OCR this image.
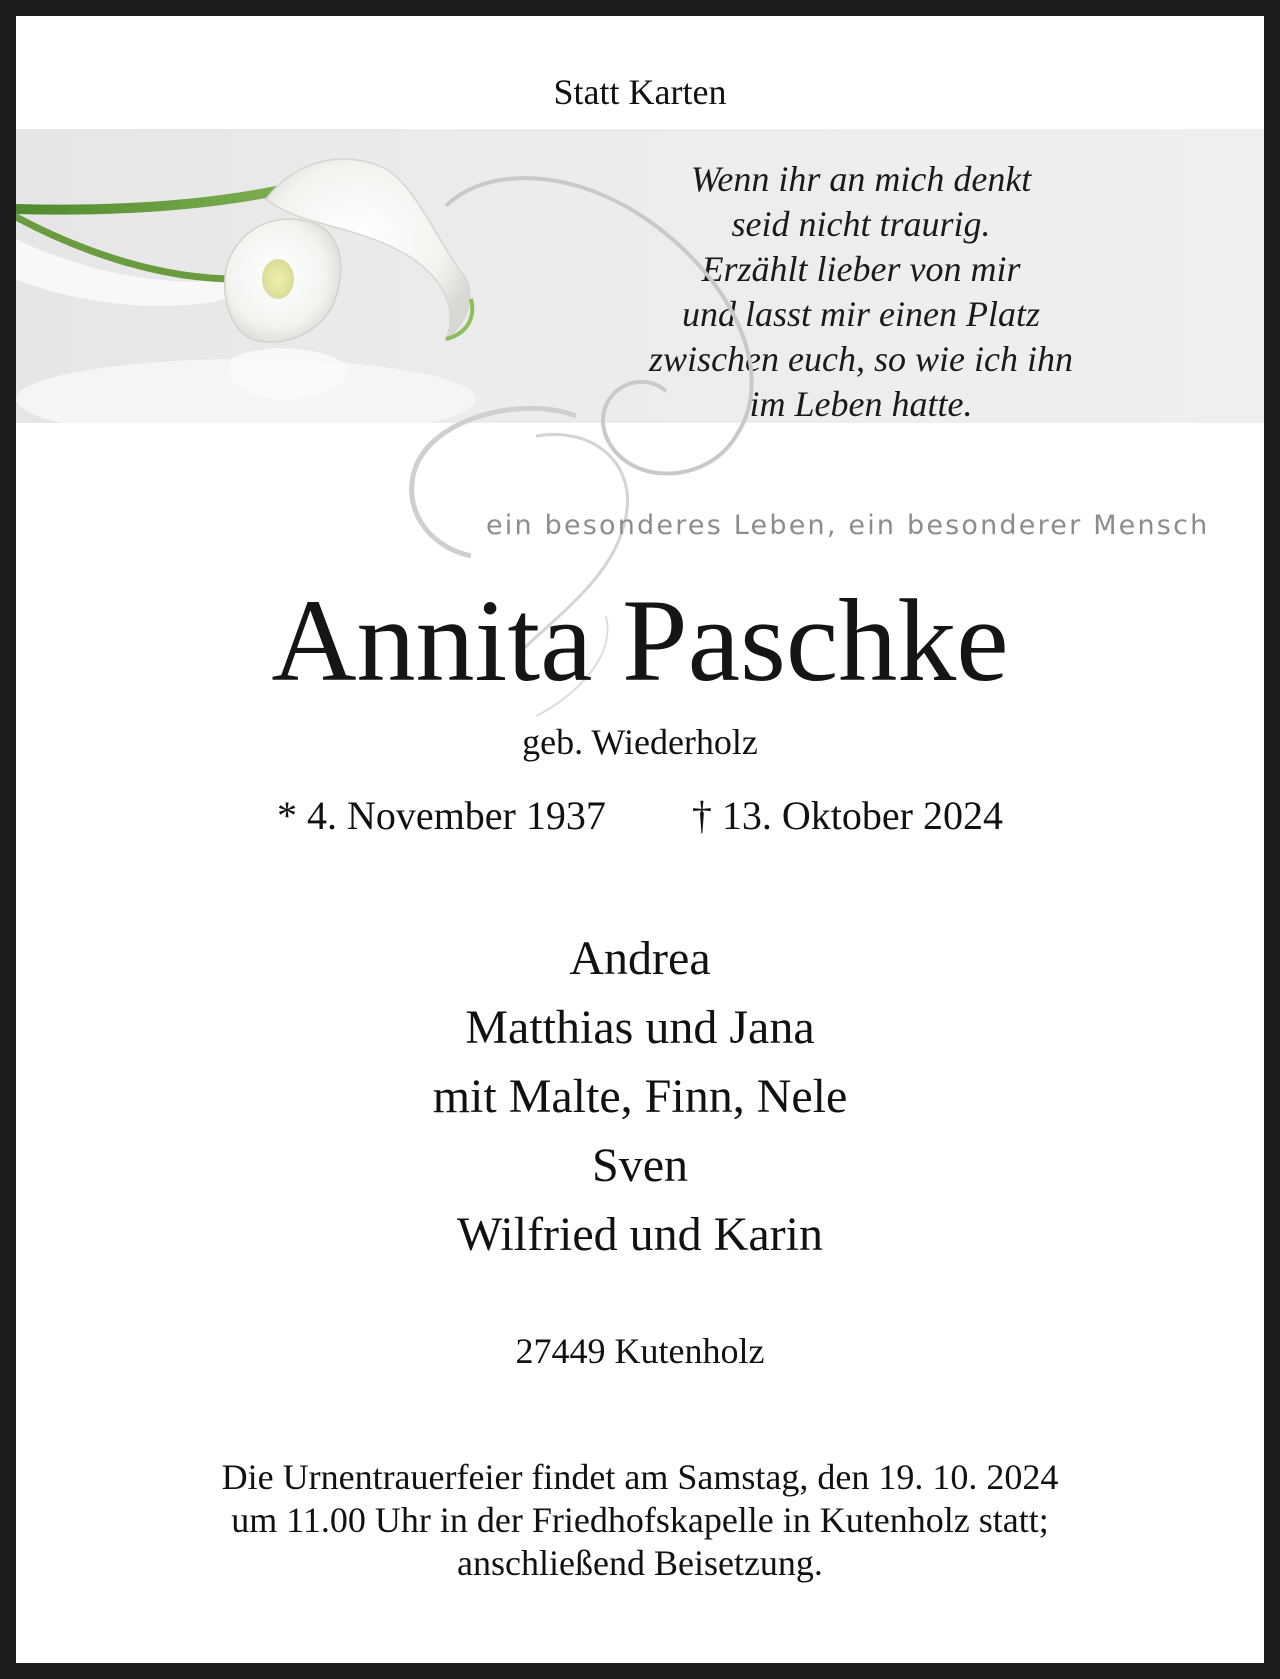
Statt Karten
Wenn ihr an mich denkt
seid nicht traurig.
Erzählt lieber von mir
und lasst mir einen Platz
zwischen euch, so wie ich ihn
im Leben hatte.
ein besonderes Leben, ein besonderer Mensch
Annita Paschke
geb. Wiederholz
* 4. November 1937 † 13. Oktober 2024
Andrea
Matthias und Jana
mit Malte, Finn, Nele
Sven
Wilfried und Karin
27449 Kutenholz
Die Urnentrauerfeier findet am Samstag, den 19. 10. 2024
um 11.00 Uhr in der Friedhofskapelle in Kutenholz statt;
anschließend Beisetzung.
